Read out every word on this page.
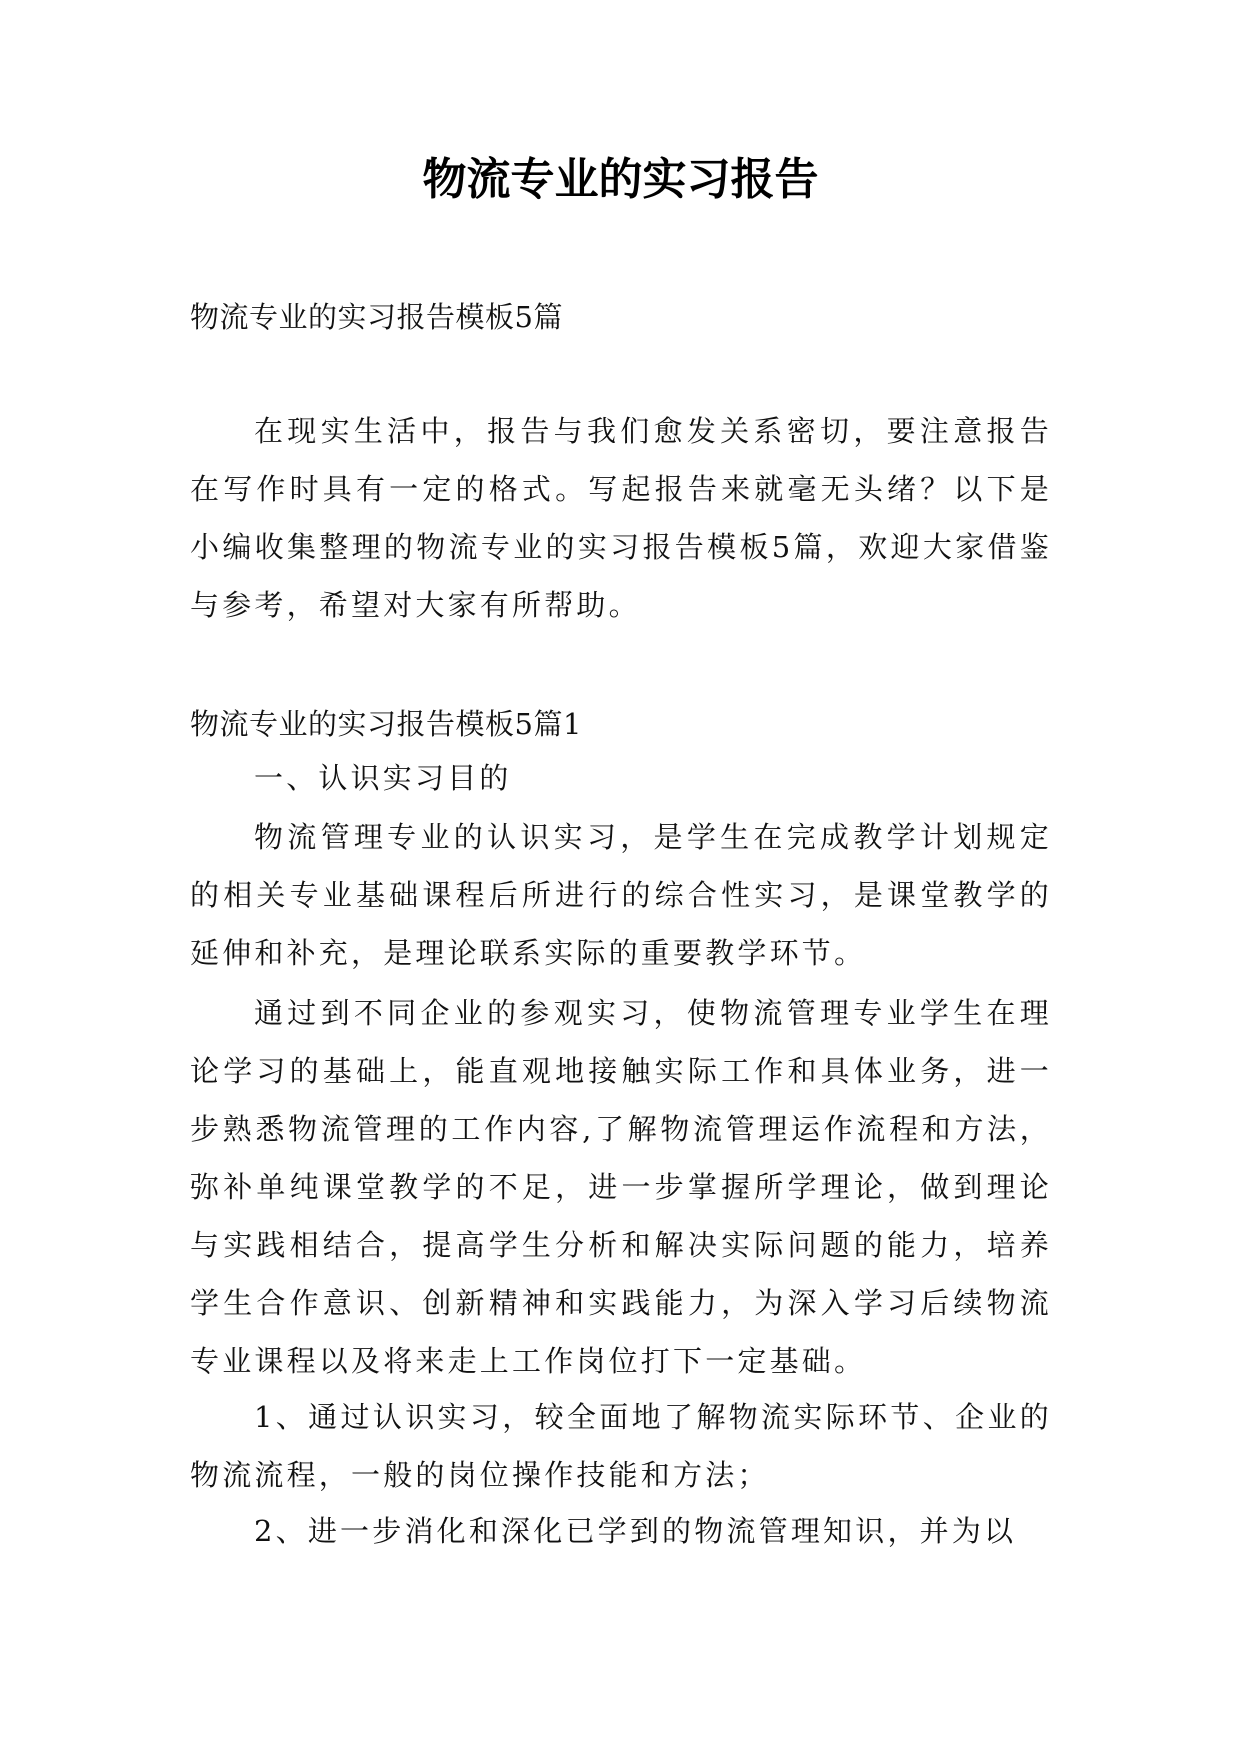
物流专业的实习报告

物流专业的实习报告模板5篇

在现实生活中，报告与我们愈发关系密切，要注意报告在写作时具有一定的格式。写起报告来就毫无头绪？以下是小编收集整理的物流专业的实习报告模板5篇，欢迎大家借鉴与参考，希望对大家有所帮助。

物流专业的实习报告模板5篇1

一、认识实习目的

物流管理专业的认识实习，是学生在完成教学计划规定的相关专业基础课程后所进行的综合性实习，是课堂教学的延伸和补充，是理论联系实际的重要教学环节。

通过到不同企业的参观实习，使物流管理专业学生在理论学习的基础上，能直观地接触实际工作和具体业务，进一步熟悉物流管理的工作内容,了解物流管理运作流程和方法，弥补单纯课堂教学的不足，进一步掌握所学理论，做到理论与实践相结合，提高学生分析和解决实际问题的能力，培养学生合作意识、创新精神和实践能力，为深入学习后续物流专业课程以及将来走上工作岗位打下一定基础。

1、通过认识实习，较全面地了解物流实际环节、企业的物流流程，一般的岗位操作技能和方法；

2、进一步消化和深化已学到的物流管理知识，并为以
